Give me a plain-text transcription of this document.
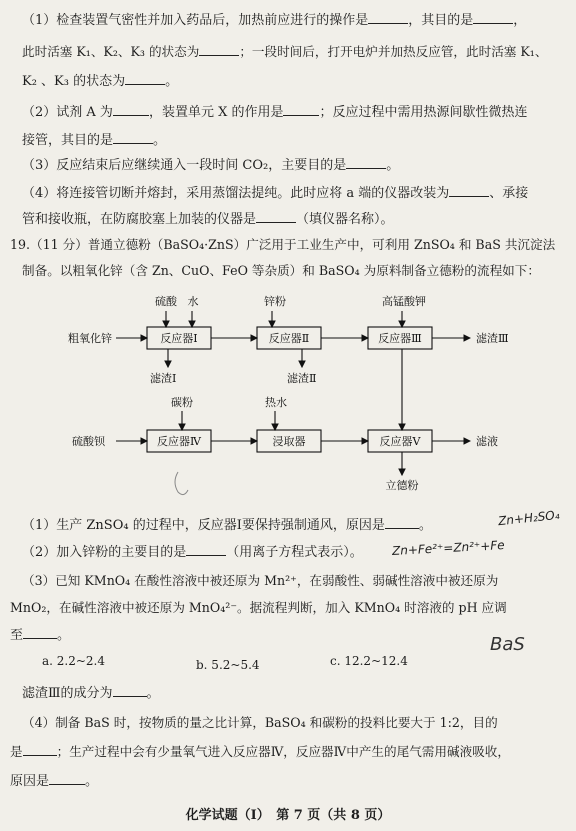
（1）检查装置气密性并加入药品后，加热前应进行的操作是	，其目的是	，
此时活塞 K₁、K₂、K₃ 的状态为	；一段时间后，打开电炉并加热反应管，此时活塞 K₁、
K₂ 、K₃ 的状态为	。
（2）试剂 A 为	，装置单元 X 的作用是	；反应过程中需用热源间歇性微热连
接管，其目的是	。
（3）反应结束后应继续通入一段时间 CO₂，主要目的是	。
（4）将连接管切断并熔封，采用蒸馏法提纯。此时应将 a 端的仪器改装为	、承接
管和接收瓶，在防腐胶塞上加装的仪器是	（填仪器名称）。
19.（11 分）普通立德粉（BaSO₄·ZnS）广泛用于工业生产中，可利用 ZnSO₄ 和 BaS 共沉淀法
制备。以粗氧化锌（含 Zn、CuO、FeO 等杂质）和 BaSO₄ 为原料制备立德粉的流程如下：
反应器Ⅰ	反应器Ⅱ	反应器Ⅲ
反应器Ⅳ	浸取器	反应器Ⅴ
硫酸 水	锌粉	高锰酸钾
粗氧化锌
滤渣Ⅰ	滤渣Ⅱ
滤渣Ⅲ
碳粉	热水
硫酸钡	滤液
立德粉
（1）生产 ZnSO₄ 的过程中，反应器Ⅰ要保持强制通风，原因是	。	Zn+H₂SO₄
（2）加入锌粉的主要目的是	（用离子方程式表示）。 Zn+Fe²⁺=Zn²⁺+Fe
（3）已知 KMnO₄ 在酸性溶液中被还原为 Mn²⁺，在弱酸性、弱碱性溶液中被还原为
MnO₂，在碱性溶液中被还原为 MnO₄²⁻。据流程判断，加入 KMnO₄ 时溶液的 pH 应调
至	。	BaS
a. 2.2~2.4	b. 5.2~5.4	c. 12.2~12.4
滤渣Ⅲ的成分为	。
（4）制备 BaS 时，按物质的量之比计算，BaSO₄ 和碳粉的投料比要大于 1:2，目的
是	；生产过程中会有少量氧气进入反应器Ⅳ，反应器Ⅳ中产生的尾气需用碱液吸收，
原因是	。
化学试题（Ⅰ）　第 7 页（共 8 页）
